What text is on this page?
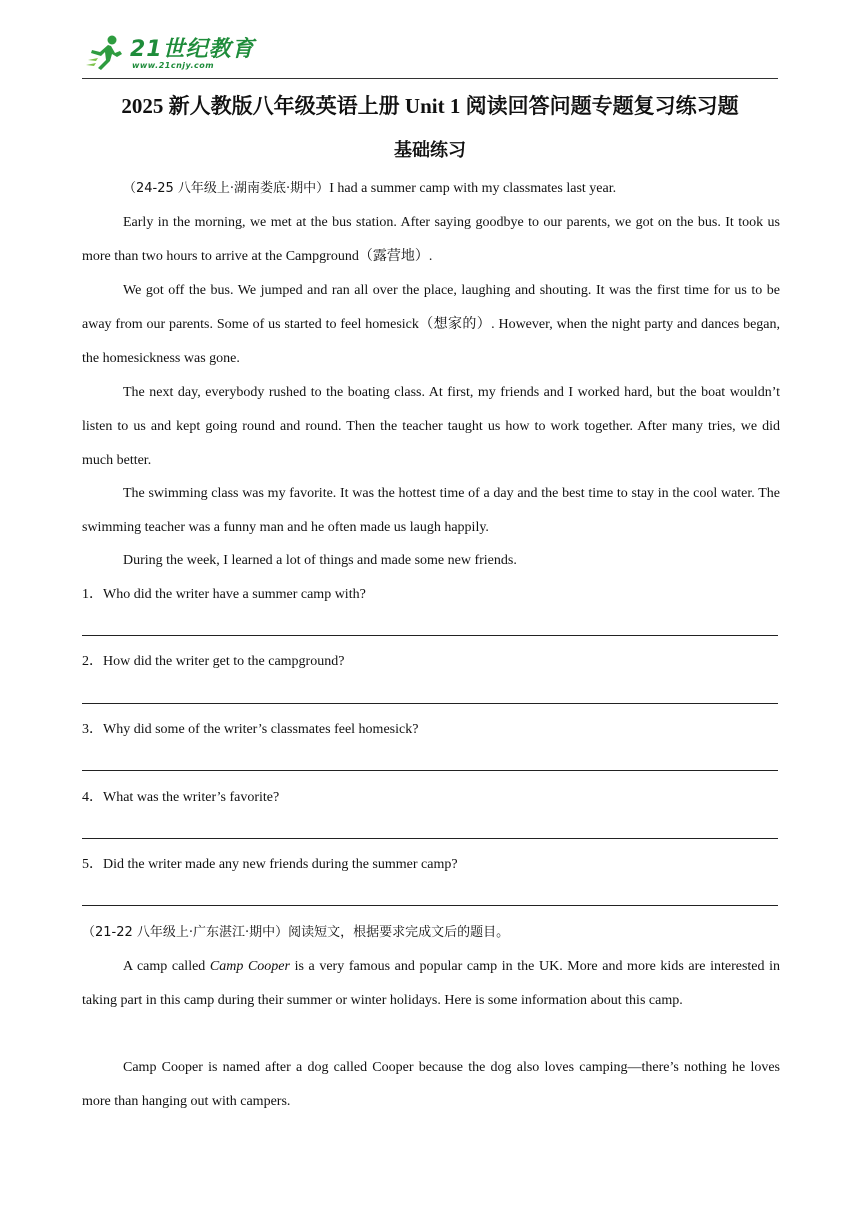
21世纪教育
www.21cnjy.com
2025 新人教版八年级英语上册 Unit 1 阅读回答问题专题复习练习题
基础练习

（24-25 八年级上·湖南娄底·期中）I had a summer camp with my classmates last year.

Early in the morning, we met at the bus station. After saying goodbye to our parents, we got on the bus. It took us more than two hours to arrive at the Campground（露营地）.

We got off the bus. We jumped and ran all over the place, laughing and shouting. It was the first time for us to be away from our parents. Some of us started to feel homesick（想家的）. However, when the night party and dances began, the homesickness was gone.

The next day, everybody rushed to the boating class. At first, my friends and I worked hard, but the boat wouldn’t listen to us and kept going round and round. Then the teacher taught us how to work together. After many tries, we did much better.

The swimming class was my favorite. It was the hottest time of a day and the best time to stay in the cool water. The swimming teacher was a funny man and he often made us laugh happily.

During the week, I learned a lot of things and made some new friends.

1．Who did the writer have a summer camp with?
2．How did the writer get to the campground?
3．Why did some of the writer’s classmates feel homesick?
4．What was the writer’s favorite?
5．Did the writer made any new friends during the summer camp?
（21-22 八年级上·广东湛江·期中）阅读短文，根据要求完成文后的题目。

A camp called Camp Cooper is a very famous and popular camp in the UK. More and more kids are interested in taking part in this camp during their summer or winter holidays. Here is some information about this camp.

Camp Cooper is named after a dog called Cooper because the dog also loves camping—there’s nothing he loves more than hanging out with campers.
